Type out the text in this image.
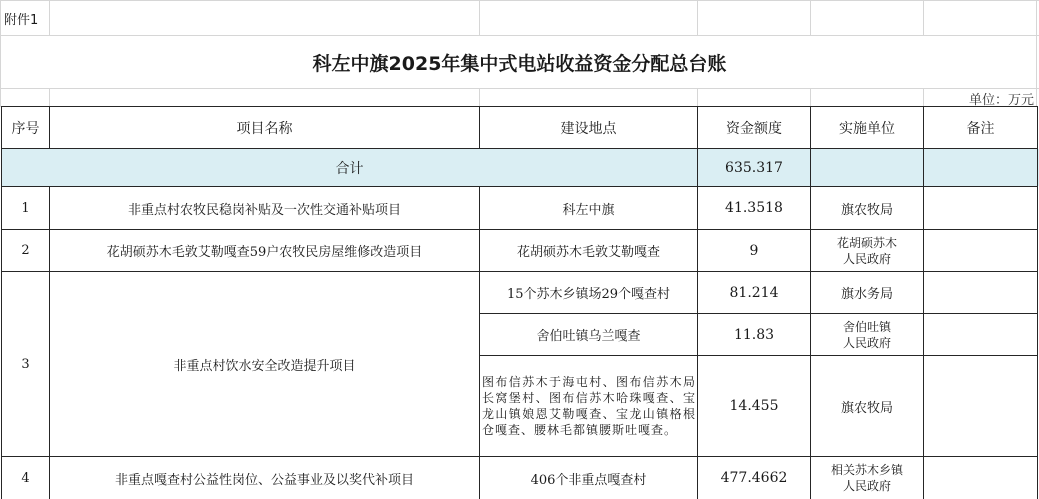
附件1
科左中旗2025年集中式电站收益资金分配总台账
单位：万元
序号	项目名称	建设地点	资金额度	实施单位	备注
合计	635.317
1	非重点村农牧民稳岗补贴及一次性交通补贴项目	科左中旗	41.3518	旗农牧局
2	花胡硕苏木毛敦艾勒嘎查59户农牧民房屋维修改造项目	花胡硕苏木毛敦艾勒嘎查	9	花胡硕苏木
人民政府
3	非重点村饮水安全改造提升项目
15个苏木乡镇场29个嘎查村	81.214	旗水务局
舍伯吐镇乌兰嘎查	11.83	舍伯吐镇
人民政府
图布信苏木于海屯村、图布信苏木局长窝堡村、图布信苏木哈珠嘎查、宝龙山镇娘恩艾勒嘎查、宝龙山镇格根仓嘎查、腰林毛都镇腰斯吐嘎查。
14.455	旗农牧局
4	非重点嘎查村公益性岗位、公益事业及以奖代补项目	406个非重点嘎查村	477.4662	相关苏木乡镇
人民政府
